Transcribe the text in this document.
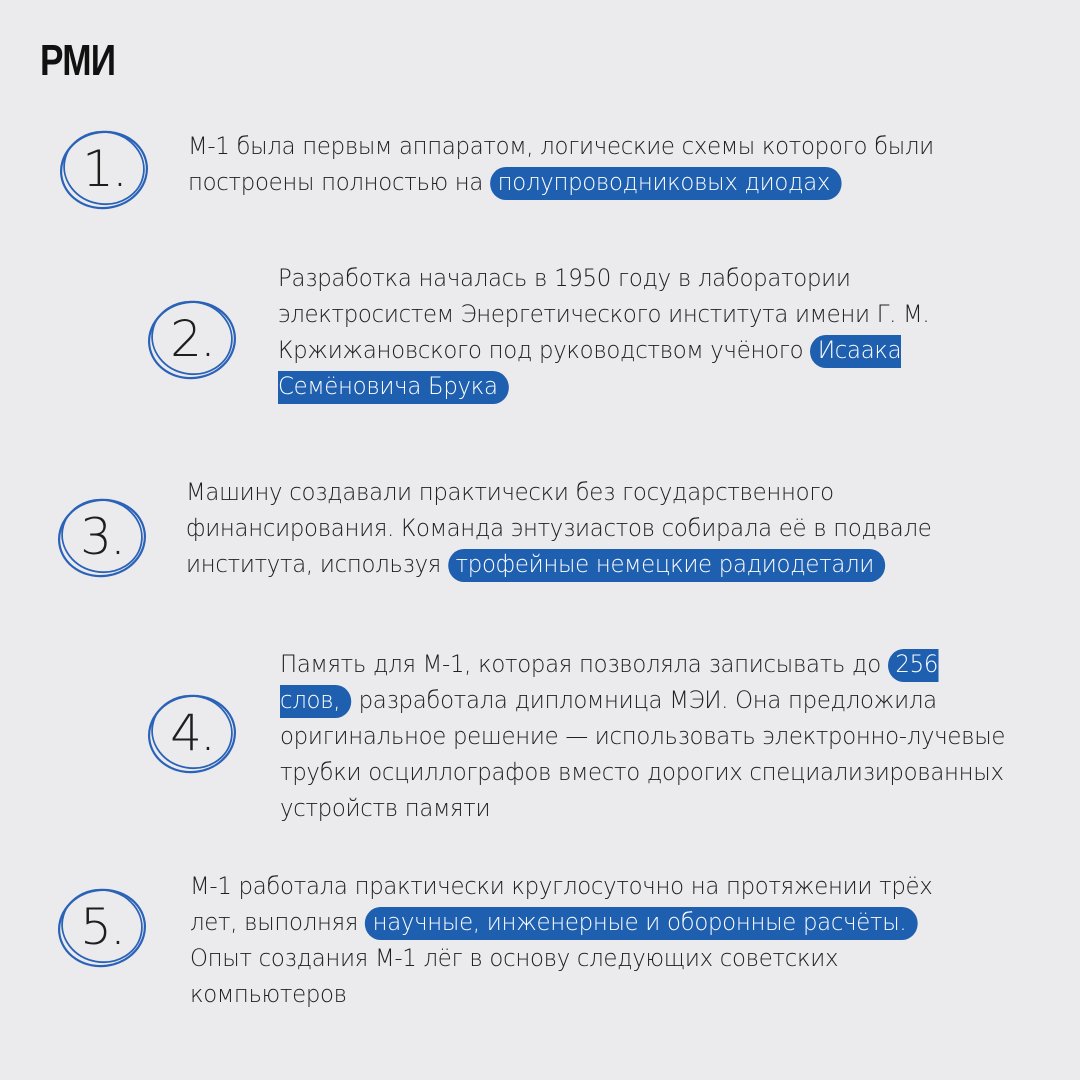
РМИ
1.	М-1 была первым аппаратом, логические схемы которого были построены полностью на полупроводниковых диодах
2.
Разработка началась в 1950 году в лаборатории электросистем Энергетического института имени Г. М. Кржижановского под руководством учёного Исаака Семёновича Брука
3.
Машину создавали практически без государственного финансирования. Команда энтузиастов собирала её в подвале института, используя трофейные немецкие радиодетали
4.
Память для М-1, которая позволяла записывать до 256 слов, разработала дипломница МЭИ. Она предложила оригинальное решение — использовать электронно-лучевые трубки осциллографов вместо дорогих специализированных устройств памяти
5.
М-1 работала практически круглосуточно на протяжении трёх лет, выполняя научные, инженерные и оборонные расчёты. Опыт создания М-1 лёг в основу следующих советских компьютеров
